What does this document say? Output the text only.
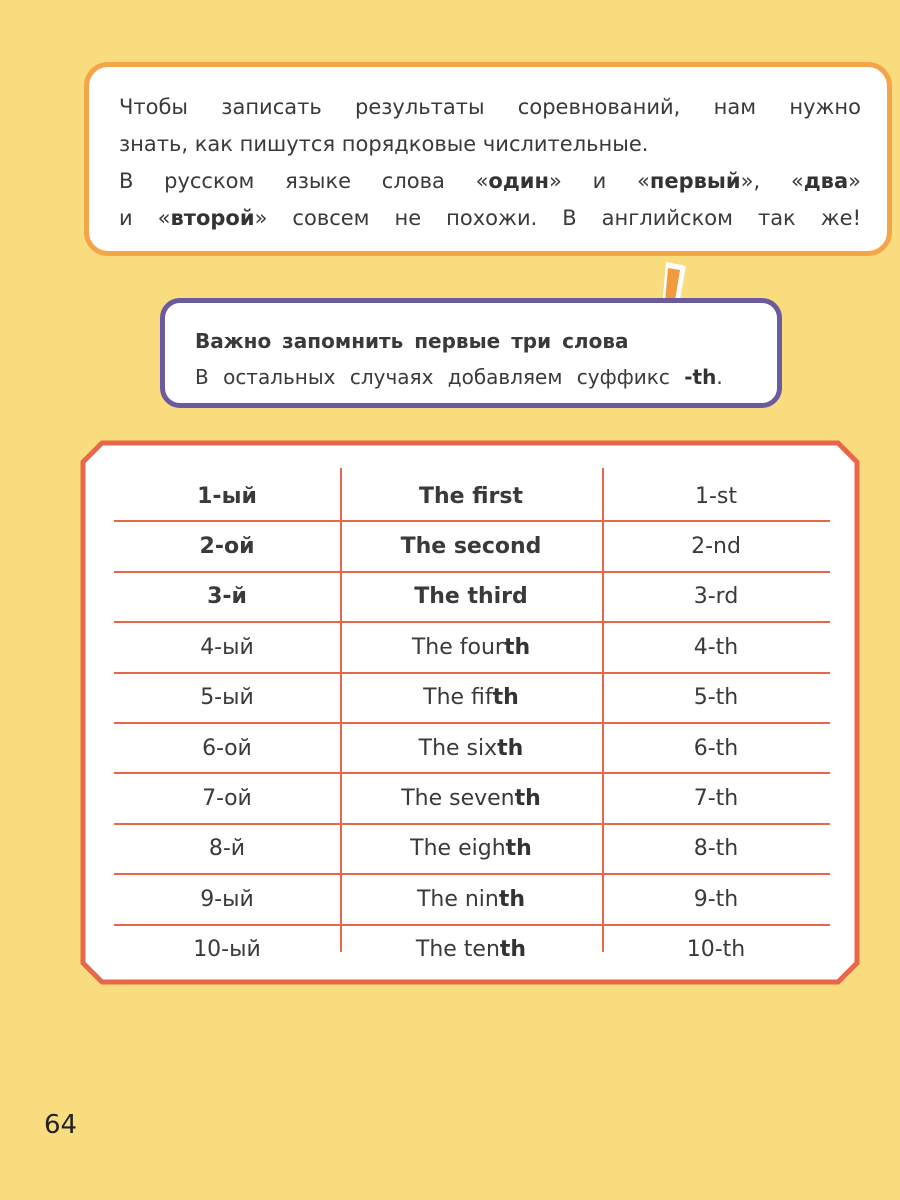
Чтобы записать результаты соревнований, нам нужно

знать, как пишутся порядковые числительные.

В русском языке слова «один» и «первый», «два»

и «второй» совсем не похожи. В английском так же!

Важно запомнить первые три слова
В остальных случаях добавляем суффикс -th.
1-ый	The first	1-st
2-ой	The second	2-nd
3-й	The third	3-rd
4-ый	The fourth	4-th
5-ый	The fifth	5-th
6-ой	The sixth	6-th
7-ой	The seventh	7-th
8-й	The eighth	8-th
9-ый	The ninth	9-th
10-ый	The tenth	10-th
64
